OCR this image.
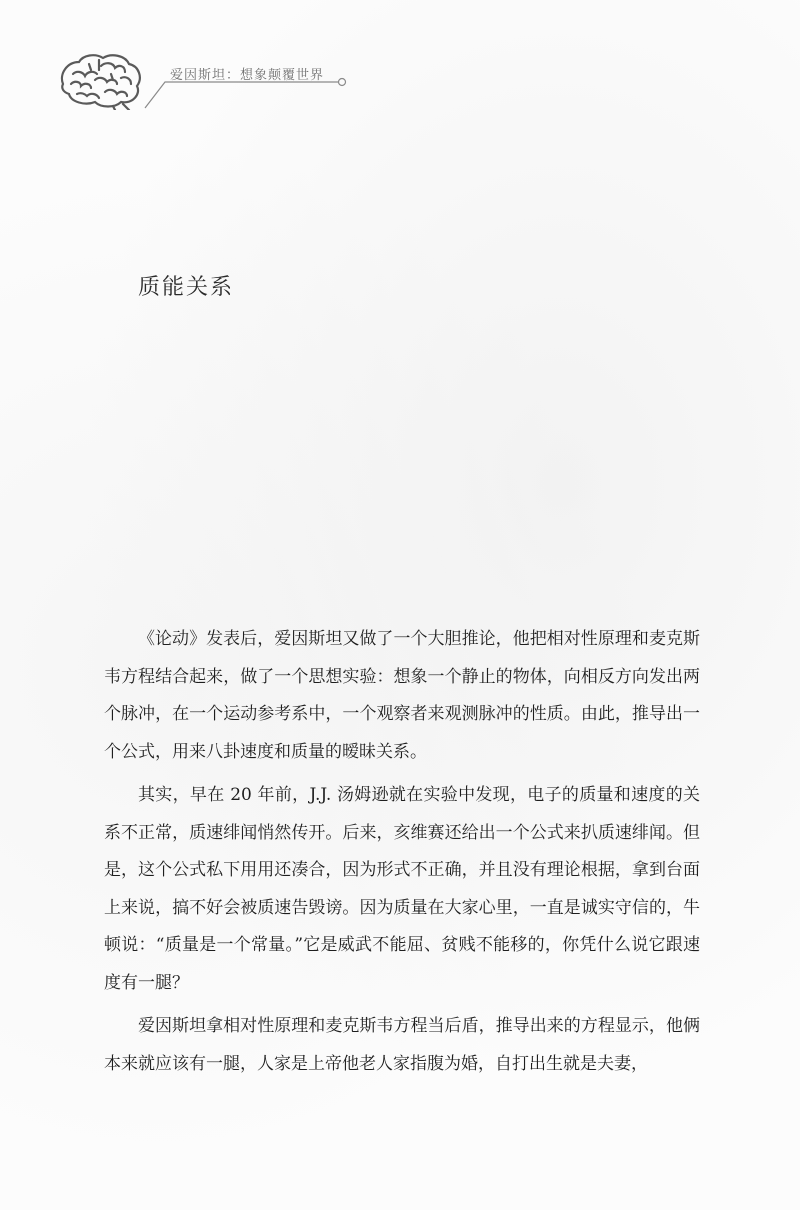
爱因斯坦：想象颠覆世界
质能关系

《论动》发表后，爱因斯坦又做了一个大胆推论，他把相对性原理和麦克斯韦方程结合起来，做了一个思想实验：想象一个静止的物体，向相反方向发出两个脉冲，在一个运动参考系中，一个观察者来观测脉冲的性质。由此，推导出一个公式，用来八卦速度和质量的暧昧关系。

其实，早在 20 年前，J.J. 汤姆逊就在实验中发现，电子的质量和速度的关系不正常，质速绯闻悄然传开。后来，亥维赛还给出一个公式来扒质速绯闻。但是，这个公式私下用用还凑合，因为形式不正确，并且没有理论根据，拿到台面上来说，搞不好会被质速告毁谤。因为质量在大家心里，一直是诚实守信的，牛顿说：“质量是一个常量。”它是威武不能屈、贫贱不能移的，你凭什么说它跟速度有一腿？

爱因斯坦拿相对性原理和麦克斯韦方程当后盾，推导出来的方程显示，他俩本来就应该有一腿，人家是上帝他老人家指腹为婚，自打出生就是夫妻，
